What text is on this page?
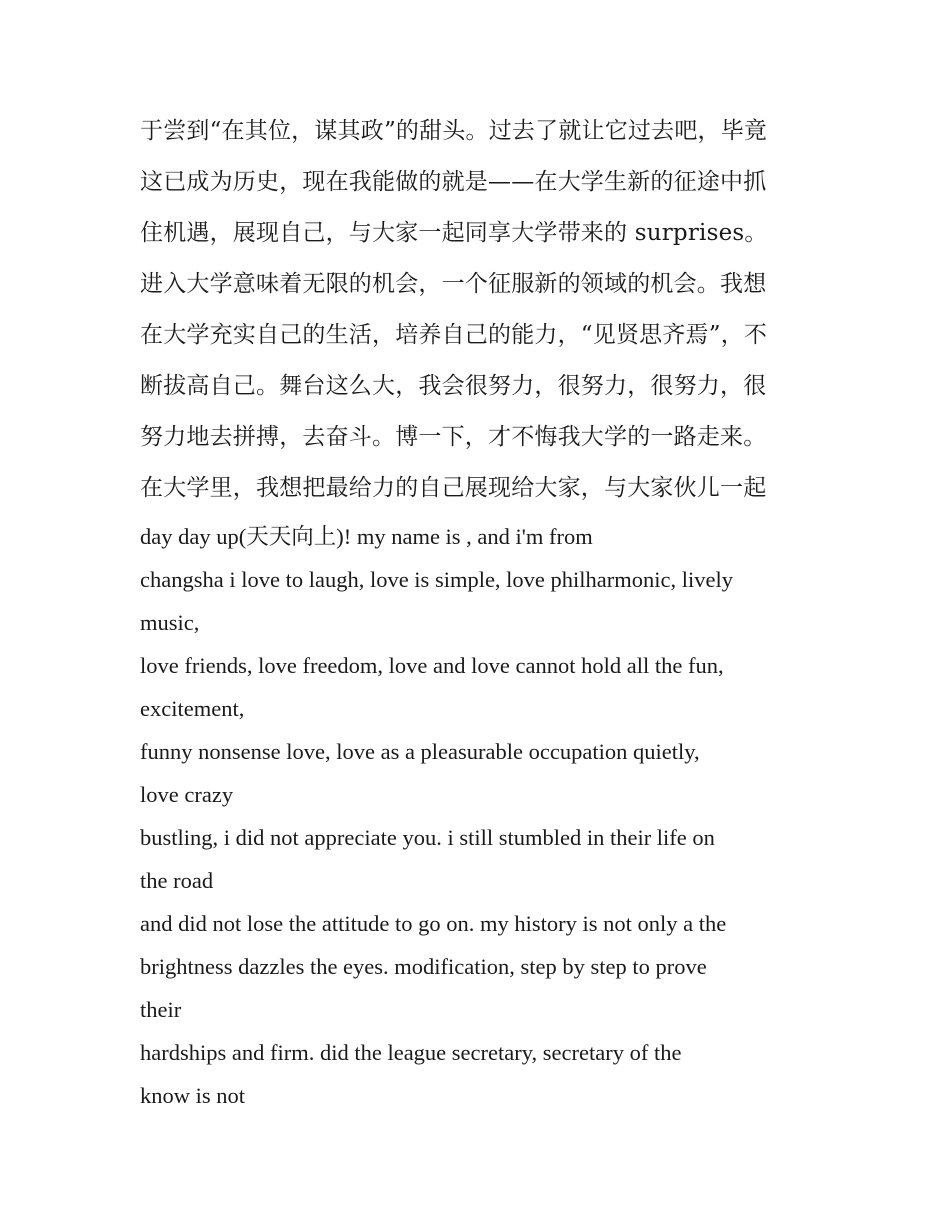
于尝到“在其位，谋其政”的甜头。过去了就让它过去吧，毕竟
这已成为历史，现在我能做的就是——在大学生新的征途中抓
住机遇，展现自己，与大家一起同享大学带来的 surprises。
进入大学意味着无限的机会，一个征服新的领域的机会。我想
在大学充实自己的生活，培养自己的能力，“见贤思齐焉”，不
断拔高自己。舞台这么大，我会很努力，很努力，很努力，很
努力地去拼搏，去奋斗。博一下，才不悔我大学的一路走来。
在大学里，我想把最给力的自己展现给大家，与大家伙儿一起
day day up(天天向上)! my name is , and i'm from
changsha i love to laugh, love is simple, love philharmonic, lively
music,
love friends, love freedom, love and love cannot hold all the fun,
excitement,
funny nonsense love, love as a pleasurable occupation quietly,
love crazy
bustling, i did not appreciate you. i still stumbled in their life on
the road
and did not lose the attitude to go on. my history is not only a the
brightness dazzles the eyes. modification, step by step to prove
their
hardships and firm. did the league secretary, secretary of the
know is not
